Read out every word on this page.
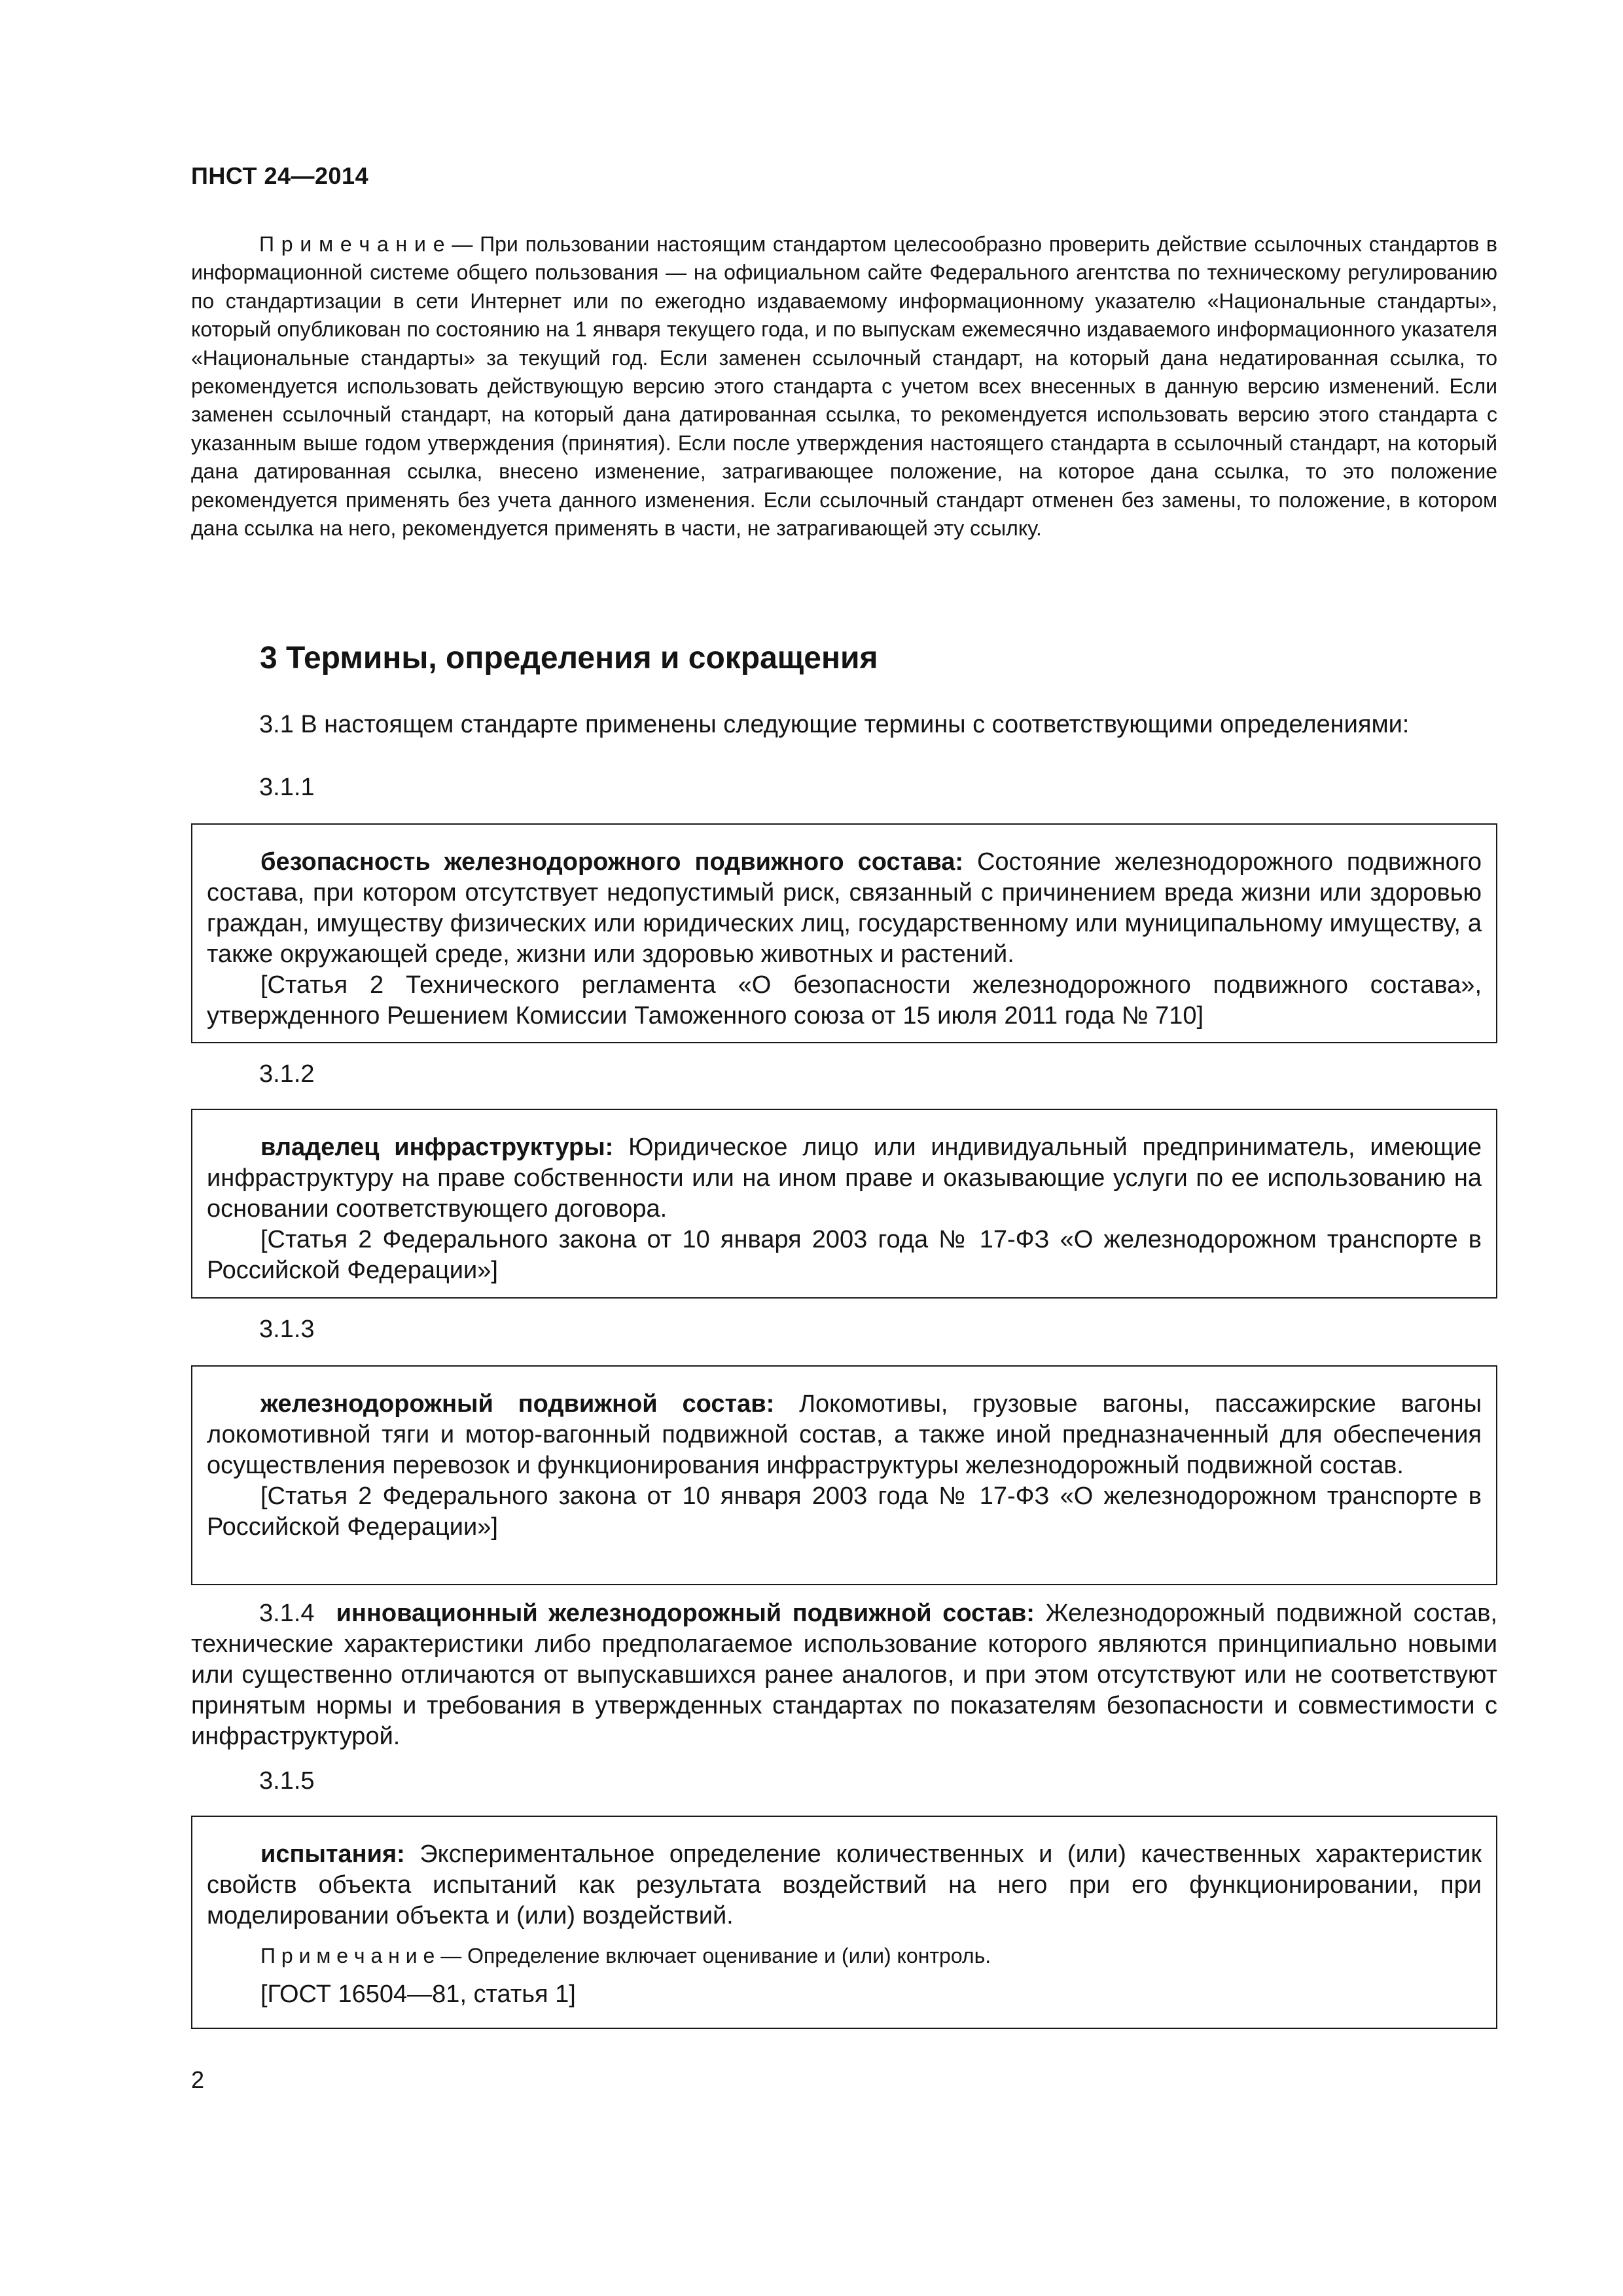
ПНСТ 24—2014
П р и м е ч а н и е — При пользовании настоящим стандартом целесообразно проверить действие ссылочных стандартов в информационной системе общего пользования — на официальном сайте Федерального агентства по техническому регулированию по стандартизации в сети Интернет или по ежегодно издаваемому информационному указателю «Национальные стандарты», который опубликован по состоянию на 1 января текущего года, и по выпускам ежемесячно издаваемого информационного указателя «Национальные стандарты» за текущий год. Если заменен ссылочный стандарт, на который дана недатированная ссылка, то рекомендуется использовать действующую версию этого стандарта с учетом всех внесенных в данную версию изменений. Если заменен ссылочный стандарт, на который дана датированная ссылка, то рекомендуется использовать версию этого стандарта с указанным выше годом утверждения (принятия). Если после утверждения настоящего стандарта в ссылочный стандарт, на который дана датированная ссылка, внесено изменение, затрагивающее положение, на которое дана ссылка, то это положение рекомендуется применять без учета данного изменения. Если ссылочный стандарт отменен без замены, то положение, в котором дана ссылка на него, рекомендуется применять в части, не затрагивающей эту ссылку.
3 Термины, определения и сокращения
3.1 В настоящем стандарте применены следующие термины с соответствующими определениями:
3.1.1

безопасность железнодорожного подвижного состава: Состояние железнодорожного подвижного состава, при котором отсутствует недопустимый риск, связанный с причинением вреда жизни или здоровью граждан, имуществу физических или юридических лиц, государственному или муниципальному имуществу, а также окружающей среде, жизни или здоровью животных и растений.

[Статья 2 Технического регламента «О безопасности железнодорожного подвижного состава», утвержденного Решением Комиссии Таможенного союза от 15 июля 2011 года № 710]

3.1.2

владелец инфраструктуры: Юридическое лицо или индивидуальный предприниматель, имеющие инфраструктуру на праве собственности или на ином праве и оказывающие услуги по ее использованию на основании соответствующего договора.

[Статья 2 Федерального закона от 10 января 2003 года № 17-ФЗ «О железнодорожном транспорте в Российской Федерации»]

3.1.3

железнодорожный подвижной состав: Локомотивы, грузовые вагоны, пассажирские вагоны локомотивной тяги и мотор-вагонный подвижной состав, а также иной предназначенный для обеспечения осуществления перевозок и функционирования инфраструктуры железнодорожный подвижной состав.

[Статья 2 Федерального закона от 10 января 2003 года № 17-ФЗ «О железнодорожном транспорте в Российской Федерации»]

3.1.4 инновационный железнодорожный подвижной состав: Железнодорожный подвижной состав, технические характеристики либо предполагаемое использование которого являются принципиально новыми или существенно отличаются от выпускавшихся ранее аналогов, и при этом отсутствуют или не соответствуют принятым нормы и требования в утвержденных стандартах по показателям безопасности и совместимости с инфраструктурой.
3.1.5

испытания: Экспериментальное определение количественных и (или) качественных характеристик свойств объекта испытаний как результата воздействий на него при его функционировании, при моделировании объекта и (или) воздействий.

П р и м е ч а н и е — Определение включает оценивание и (или) контроль.

[ГОСТ 16504—81, статья 1]

2
